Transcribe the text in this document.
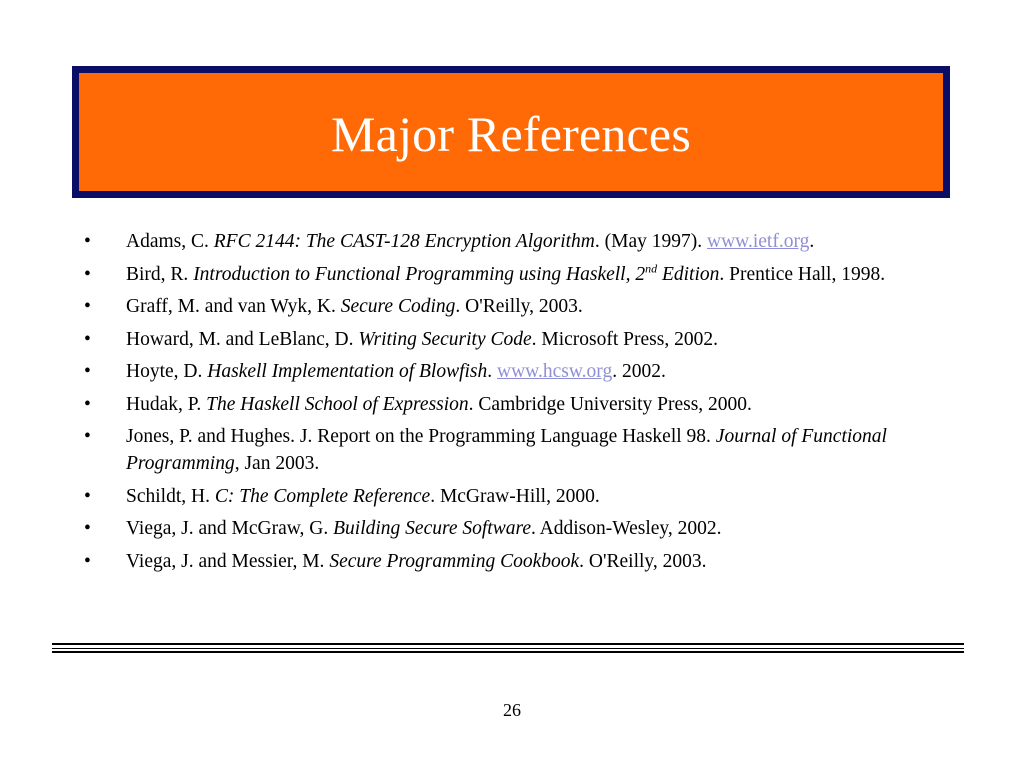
Major References
• Adams, C. RFC 2144: The CAST-128 Encryption Algorithm. (May 1997). www.ietf.org.
• Bird, R. Introduction to Functional Programming using Haskell, 2nd Edition. Prentice Hall, 1998.
• Graff, M. and van Wyk, K. Secure Coding. O'Reilly, 2003.
• Howard, M. and LeBlanc, D. Writing Security Code. Microsoft Press, 2002.
• Hoyte, D. Haskell Implementation of Blowfish. www.hcsw.org. 2002.
• Hudak, P. The Haskell School of Expression. Cambridge University Press, 2000.
• Jones, P. and Hughes. J. Report on the Programming Language Haskell 98. Journal of Functional Programming, Jan 2003.
• Schildt, H. C: The Complete Reference. McGraw-Hill, 2000.
• Viega, J. and McGraw, G. Building Secure Software. Addison-Wesley, 2002.
• Viega, J. and Messier, M. Secure Programming Cookbook. O'Reilly, 2003.
26
